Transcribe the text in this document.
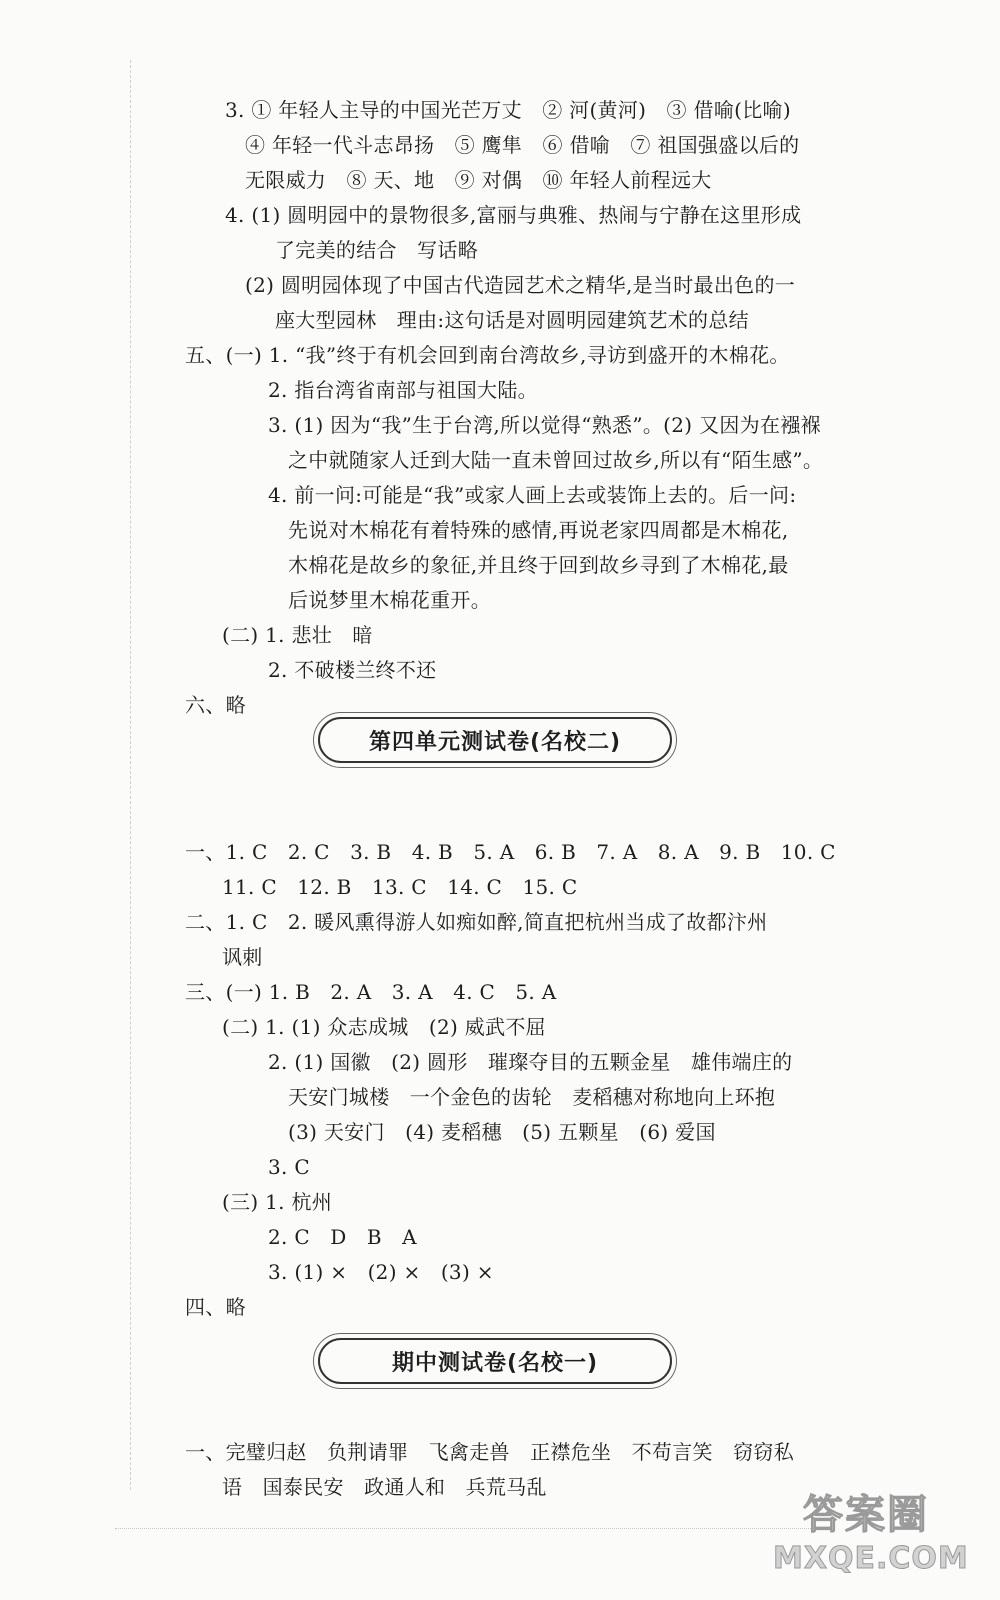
3. ① 年轻人主导的中国光芒万丈　② 河(黄河)　③ 借喻(比喻)
④ 年轻一代斗志昂扬　⑤ 鹰隼　⑥ 借喻　⑦ 祖国强盛以后的
无限威力　⑧ 天、地　⑨ 对偶　⑩ 年轻人前程远大
4. (1) 圆明园中的景物很多,富丽与典雅、热闹与宁静在这里形成
了完美的结合　写话略
(2) 圆明园体现了中国古代造园艺术之精华,是当时最出色的一
座大型园林　理由:这句话是对圆明园建筑艺术的总结
五、(一) 1. “我”终于有机会回到南台湾故乡,寻访到盛开的木棉花。
2. 指台湾省南部与祖国大陆。
3. (1) 因为“我”生于台湾,所以觉得“熟悉”。(2) 又因为在襁褓
之中就随家人迁到大陆一直未曾回过故乡,所以有“陌生感”。
4. 前一问:可能是“我”或家人画上去或装饰上去的。后一问:
先说对木棉花有着特殊的感情,再说老家四周都是木棉花,
木棉花是故乡的象征,并且终于回到故乡寻到了木棉花,最
后说梦里木棉花重开。
(二) 1. 悲壮　暗
2. 不破楼兰终不还
六、略
第四单元测试卷(名校二)
一、1. C　2. C　3. B　4. B　5. A　6. B　7. A　8. A　9. B　10. C
11. C　12. B　13. C　14. C　15. C
二、1. C　2. 暖风熏得游人如痴如醉,简直把杭州当成了故都汴州
讽刺
三、(一) 1. B　2. A　3. A　4. C　5. A
(二) 1. (1) 众志成城　(2) 威武不屈
2. (1) 国徽　(2) 圆形　璀璨夺目的五颗金星　雄伟端庄的
天安门城楼　一个金色的齿轮　麦稻穗对称地向上环抱
(3) 天安门　(4) 麦稻穗　(5) 五颗星　(6) 爱国
3. C
(三) 1. 杭州
2. C　D　B　A
3. (1) ×　(2) ×　(3) ×
四、略
期中测试卷(名校一)
一、完璧归赵　负荆请罪　飞禽走兽　正襟危坐　不苟言笑　窃窃私
语　国泰民安　政通人和　兵荒马乱
答案圈
MXQE.COM
